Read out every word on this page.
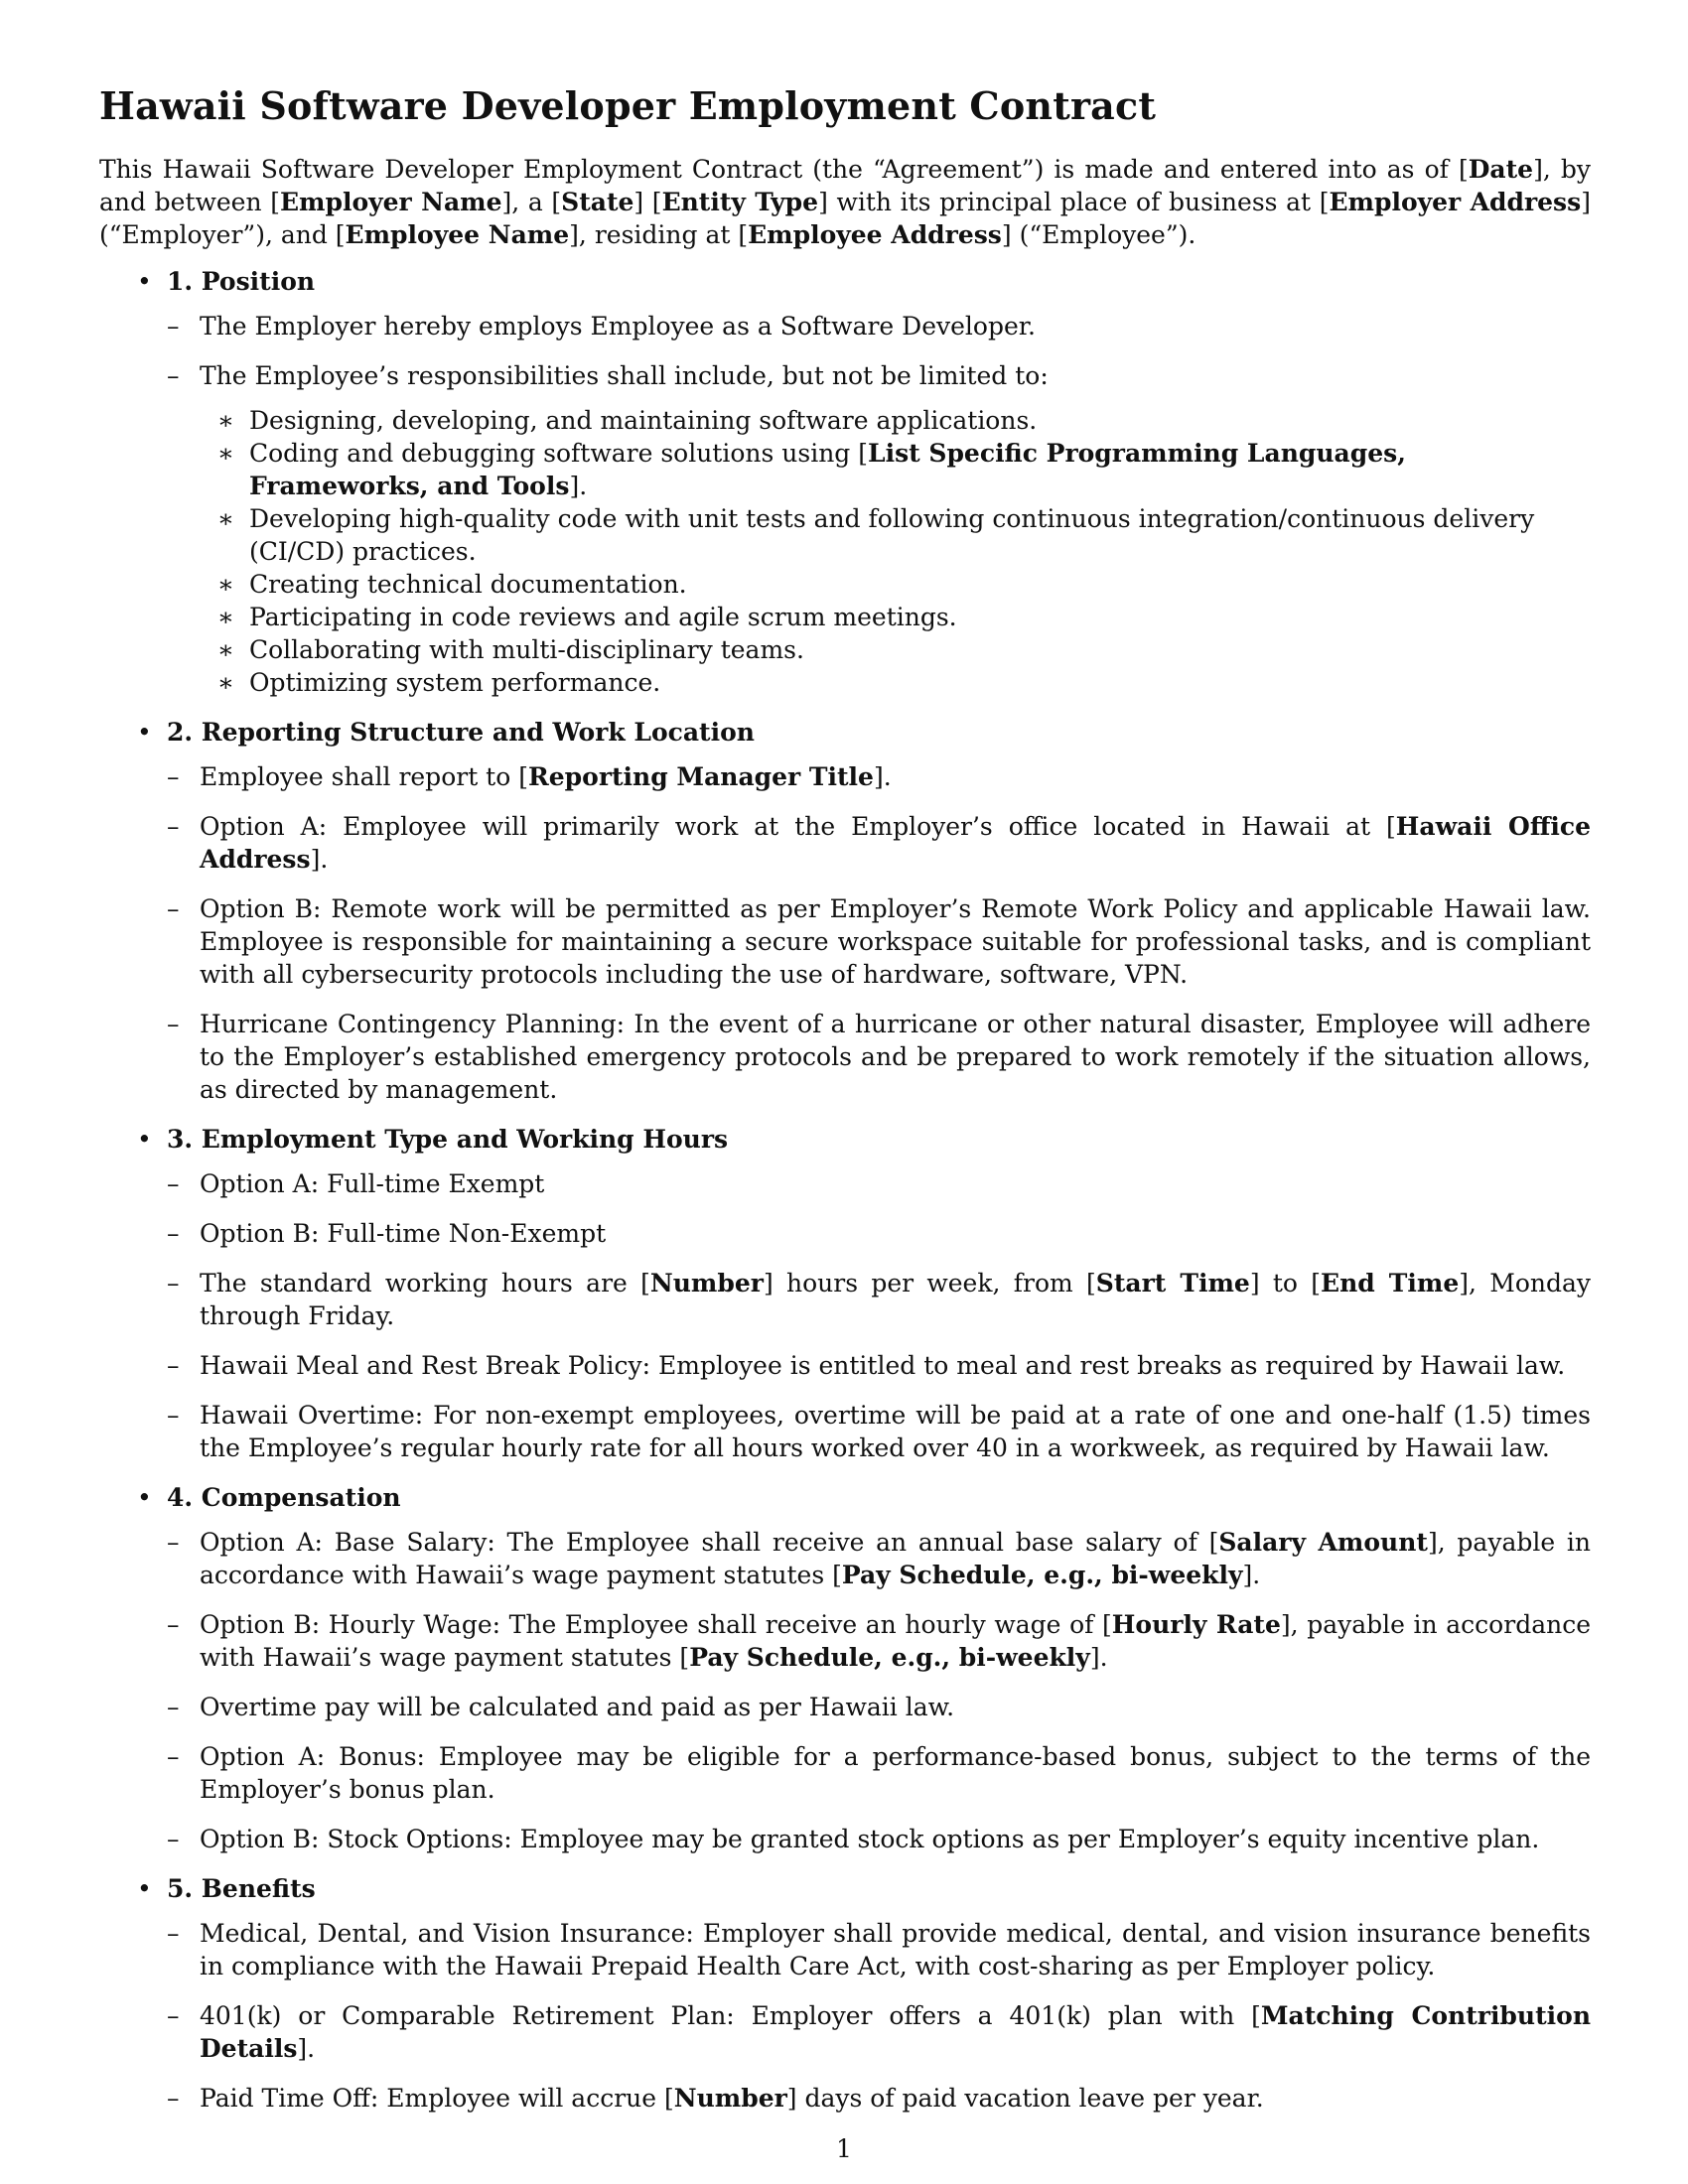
Hawaii Software Developer Employment Contract

This Hawaii Software Developer Employment Contract (the “Agreement”) is made and entered into as of [Date], by and between [Employer Name], a [State] [Entity Type] with its principal place of business at [Employer Address] (“Employer”), and [Employee Name], residing at [Employee Address] (“Employee”).

• 1. Position
– The Employer hereby employs Employee as a Software Developer.
– The Employee’s responsibilities shall include, but not be limited to:
∗ Designing, developing, and maintaining software applications.
∗ Coding and debugging software solutions using [List Specific Programming Languages, Frameworks, and Tools].
∗ Developing high-quality code with unit tests and following continuous integration/continuous delivery (CI/CD) practices.
∗ Creating technical documentation.
∗ Participating in code reviews and agile scrum meetings.
∗ Collaborating with multi-disciplinary teams.
∗ Optimizing system performance.
• 2. Reporting Structure and Work Location
– Employee shall report to [Reporting Manager Title].
– Option A: Employee will primarily work at the Employer’s office located in Hawaii at [Hawaii Office Address].
– Option B: Remote work will be permitted as per Employer’s Remote Work Policy and applicable Hawaii law. Employee is responsible for maintaining a secure workspace suitable for professional tasks, and is compliant with all cybersecurity protocols including the use of hardware, software, VPN.
– Hurricane Contingency Planning: In the event of a hurricane or other natural disaster, Employee will adhere to the Employer’s established emergency protocols and be prepared to work remotely if the situation allows, as directed by management.
• 3. Employment Type and Working Hours
– Option A: Full-time Exempt
– Option B: Full-time Non-Exempt
– The standard working hours are [Number] hours per week, from [Start Time] to [End Time], Monday through Friday.
– Hawaii Meal and Rest Break Policy: Employee is entitled to meal and rest breaks as required by Hawaii law.
– Hawaii Overtime: For non-exempt employees, overtime will be paid at a rate of one and one-half (1.5) times the Employee’s regular hourly rate for all hours worked over 40 in a workweek, as required by Hawaii law.
• 4. Compensation
– Option A: Base Salary: The Employee shall receive an annual base salary of [Salary Amount], payable in accordance with Hawaii’s wage payment statutes [Pay Schedule, e.g., bi-weekly].
– Option B: Hourly Wage: The Employee shall receive an hourly wage of [Hourly Rate], payable in accordance with Hawaii’s wage payment statutes [Pay Schedule, e.g., bi-weekly].
– Overtime pay will be calculated and paid as per Hawaii law.
– Option A: Bonus: Employee may be eligible for a performance-based bonus, subject to the terms of the Employer’s bonus plan.
– Option B: Stock Options: Employee may be granted stock options as per Employer’s equity incentive plan.
• 5. Benefits
– Medical, Dental, and Vision Insurance: Employer shall provide medical, dental, and vision insurance benefits in compliance with the Hawaii Prepaid Health Care Act, with cost-sharing as per Employer policy.
– 401(k) or Comparable Retirement Plan: Employer offers a 401(k) plan with [Matching Contribution Details].
– Paid Time Off: Employee will accrue [Number] days of paid vacation leave per year.
1
